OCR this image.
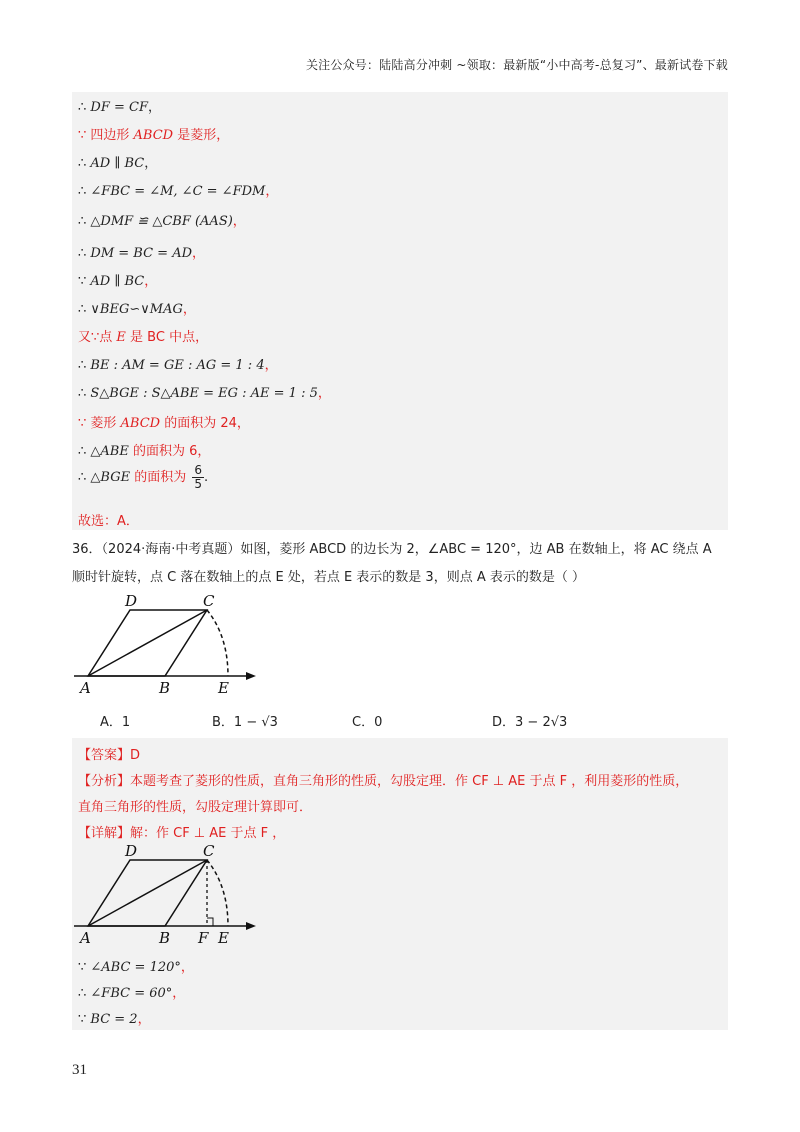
关注公众号：陆陆高分冲刺 ~领取：最新版“小中高考-总复习”、最新试卷下载
∴ DF = CF，
∵ 四边形 ABCD 是菱形，
∴ AD ∥ BC，
∴ ∠FBC = ∠M, ∠C = ∠FDM，
∴ △DMF ≌ △CBF (AAS)，
∴ DM = BC = AD，
∵ AD ∥ BC，
∴ ∨BEG∽∨MAG，
又∵点 E 是 BC 中点，
∴ BE : AM = GE : AG = 1 : 4，
∴ S△BGE : S△ABE = EG : AE = 1 : 5，
∵ 菱形 ABCD 的面积为 24，
∴ △ABE 的面积为 6，
∴ △BGE 的面积为 $\frac{6}{5}$ .
故选：A．
36．（2024·海南·中考真题）如图，菱形 ABCD 的边长为 2，∠ABC = 120°，边 AB 在数轴上，将 AC 绕点 A
顺时针旋转，点 C 落在数轴上的点 E 处，若点 E 表示的数是 3，则点 A 表示的数是（ ）
D	C
A	B	E
A．1	B．1 − √3	C．0	D．3 − 2√3
【答案】D
【分析】本题考查了菱形的性质，直角三角形的性质，勾股定理．作 CF ⊥ AE 于点 F ，利用菱形的性质，
直角三角形的性质，勾股定理计算即可．
【详解】解：作 CF ⊥ AE 于点 F ，
D	C
A	B F E
∵ ∠ABC = 120°，
∴ ∠FBC = 60°，
∵ BC = 2，
31
